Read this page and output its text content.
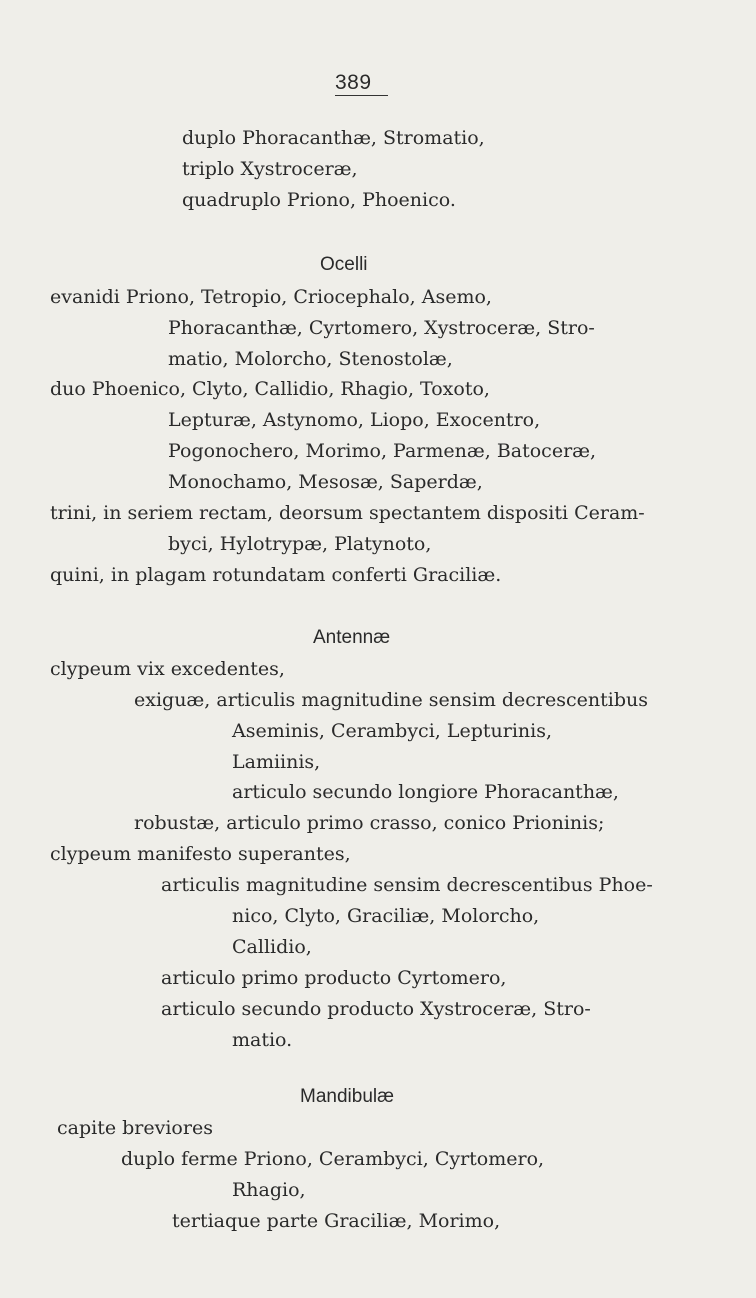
389
duplo Phoracanthæ, Stromatio,
triplo Xystroceræ,
quadruplo Priono, Phoenico.
Ocelli
evanidi Priono, Tetropio, Criocephalo, Asemo,
Phoracanthæ, Cyrtomero, Xystroceræ, Stro-
matio, Molorcho, Stenostolæ,
duo Phoenico, Clyto, Callidio, Rhagio, Toxoto,
Lepturæ, Astynomo, Liopo, Exocentro,
Pogonochero, Morimo, Parmenæ, Batoceræ,
Monochamo, Mesosæ, Saperdæ,
trini, in seriem rectam, deorsum spectantem dispositi Ceram-
byci, Hylotrypæ, Platynoto,
quini, in plagam rotundatam conferti Graciliæ.
Antennæ
clypeum vix excedentes,
exiguæ, articulis magnitudine sensim decrescentibus
Aseminis, Cerambyci, Lepturinis,
Lamiinis,
articulo secundo longiore Phoracanthæ,
robustæ, articulo primo crasso, conico Prioninis;
clypeum manifesto superantes,
articulis magnitudine sensim decrescentibus Phoe-
nico, Clyto, Graciliæ, Molorcho,
Callidio,
articulo primo producto Cyrtomero,
articulo secundo producto Xystroceræ, Stro-
matio.
Mandibulæ
capite breviores
duplo ferme Priono, Cerambyci, Cyrtomero,
Rhagio,
tertiaque parte Graciliæ, Morimo,
